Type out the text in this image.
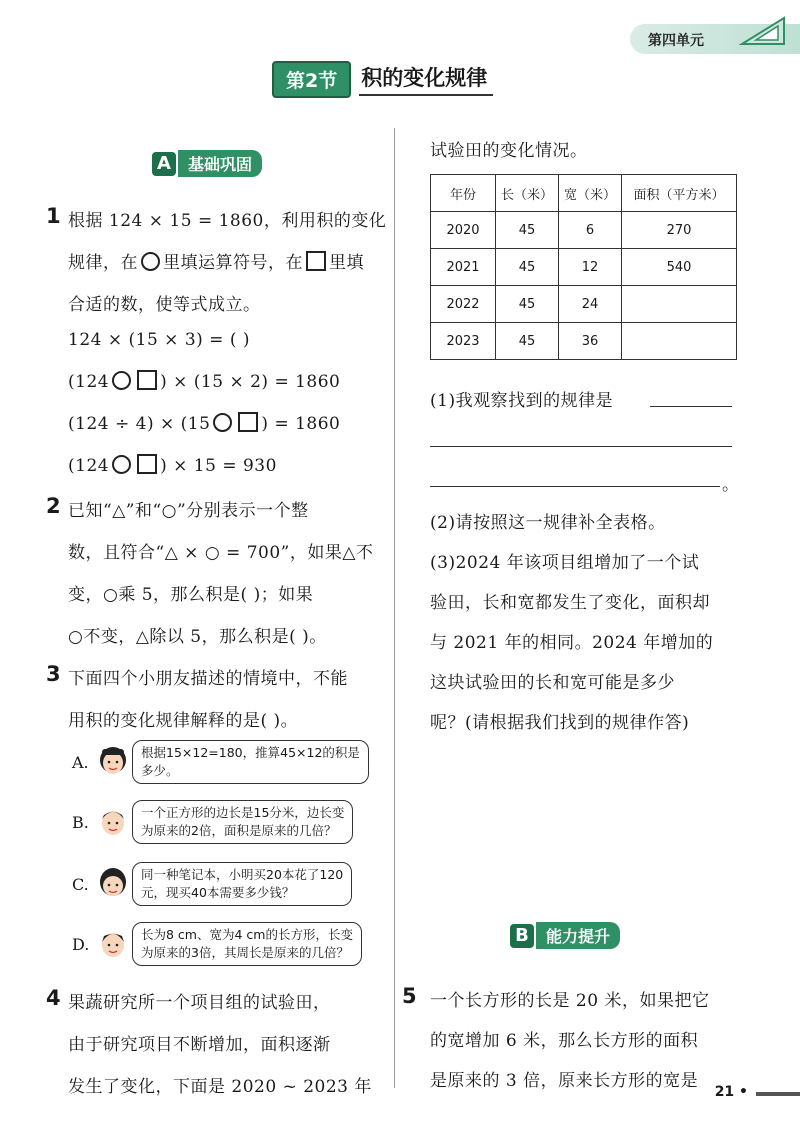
第四单元
第2节	积的变化规律
A	基础巩固
1 根据 124 × 15 = 1860，利用积的变化
规律，在 里填运算符号，在 里填
合适的数，使等式成立。
124 × (15 × 3) = ( )
(124	) × (15 × 2) = 1860
(124 ÷ 4) × (15	) = 1860
(124	) × 15 = 930
2 已知“△”和“○”分别表示一个整
数，且符合“△ × ○ = 700”，如果△不
变，○乘 5，那么积是( )；如果
○不变，△除以 5，那么积是( )。
3 下面四个小朋友描述的情境中，不能
用积的变化规律解释的是( )。
A.	根据15×12=180，推算45×12的积是
多少。
B.	一个正方形的边长是15分米，边长变
为原来的2倍，面积是原来的几倍？
C.	同一种笔记本，小明买20本花了120
元，现买40本需要多少钱？
D.	长为8 cm、宽为4 cm的长方形，长变
为原来的3倍，其周长是原来的几倍？
4 果蔬研究所一个项目组的试验田，
由于研究项目不断增加，面积逐渐
发生了变化，下面是 2020 ~ 2023 年
试验田的变化情况。
年份	长（米）	宽（米）	面积（平方米）
2020	45	6	270
2021	45	12	540
2022	45	24	
2023	45	36	
(1)我观察找到的规律是
。
(2)请按照这一规律补全表格。
(3)2024 年该项目组增加了一个试
验田，长和宽都发生了变化，面积却
与 2021 年的相同。2024 年增加的
这块试验田的长和宽可能是多少
呢？(请根据我们找到的规律作答)
B	能力提升
5 一个长方形的长是 20 米，如果把它
的宽增加 6 米，那么长方形的面积
是原来的 3 倍，原来长方形的宽是
21 •
